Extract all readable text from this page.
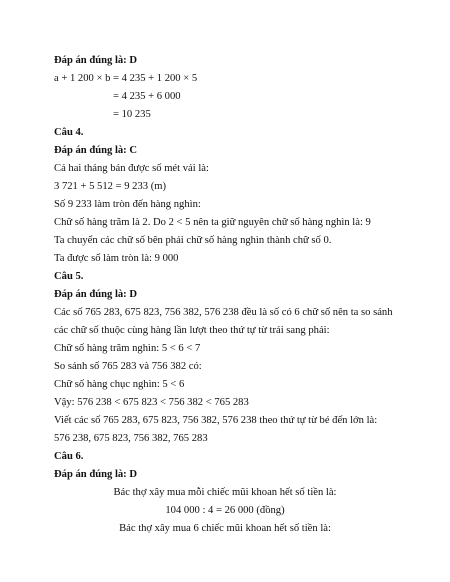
Đáp án đúng là: D
a + 1 200 × b = 4 235 + 1 200 × 5
= 4 235 + 6 000
= 10 235
Câu 4.
Đáp án đúng là: C
Cả hai tháng bán được số mét vải là:
3 721 + 5 512 = 9 233 (m)
Số 9 233 làm tròn đến hàng nghìn:
Chữ số hàng trăm là 2. Do 2 < 5 nên ta giữ nguyên chữ số hàng nghìn là: 9
Ta chuyển các chữ số bên phải chữ số hàng nghìn thành chữ số 0.
Ta được số làm tròn là: 9 000
Câu 5.
Đáp án đúng là: D
Các số 765 283, 675 823, 756 382, 576 238 đều là số có 6 chữ số nên ta so sánh
các chữ số thuộc cùng hàng lần lượt theo thứ tự từ trái sang phải:
Chữ số hàng trăm nghìn: 5 < 6 < 7
So sánh số 765 283 và 756 382 có:
Chữ số hàng chục nghìn: 5 < 6
Vậy: 576 238 < 675 823 < 756 382 < 765 283
Viết các số 765 283, 675 823, 756 382, 576 238 theo thứ tự từ bé đến lớn là:
576 238, 675 823, 756 382, 765 283
Câu 6.
Đáp án đúng là: D
Bác thợ xây mua mỗi chiếc mũi khoan hết số tiền là:
104 000 : 4 = 26 000 (đồng)
Bác thợ xây mua 6 chiếc mũi khoan hết số tiền là:
